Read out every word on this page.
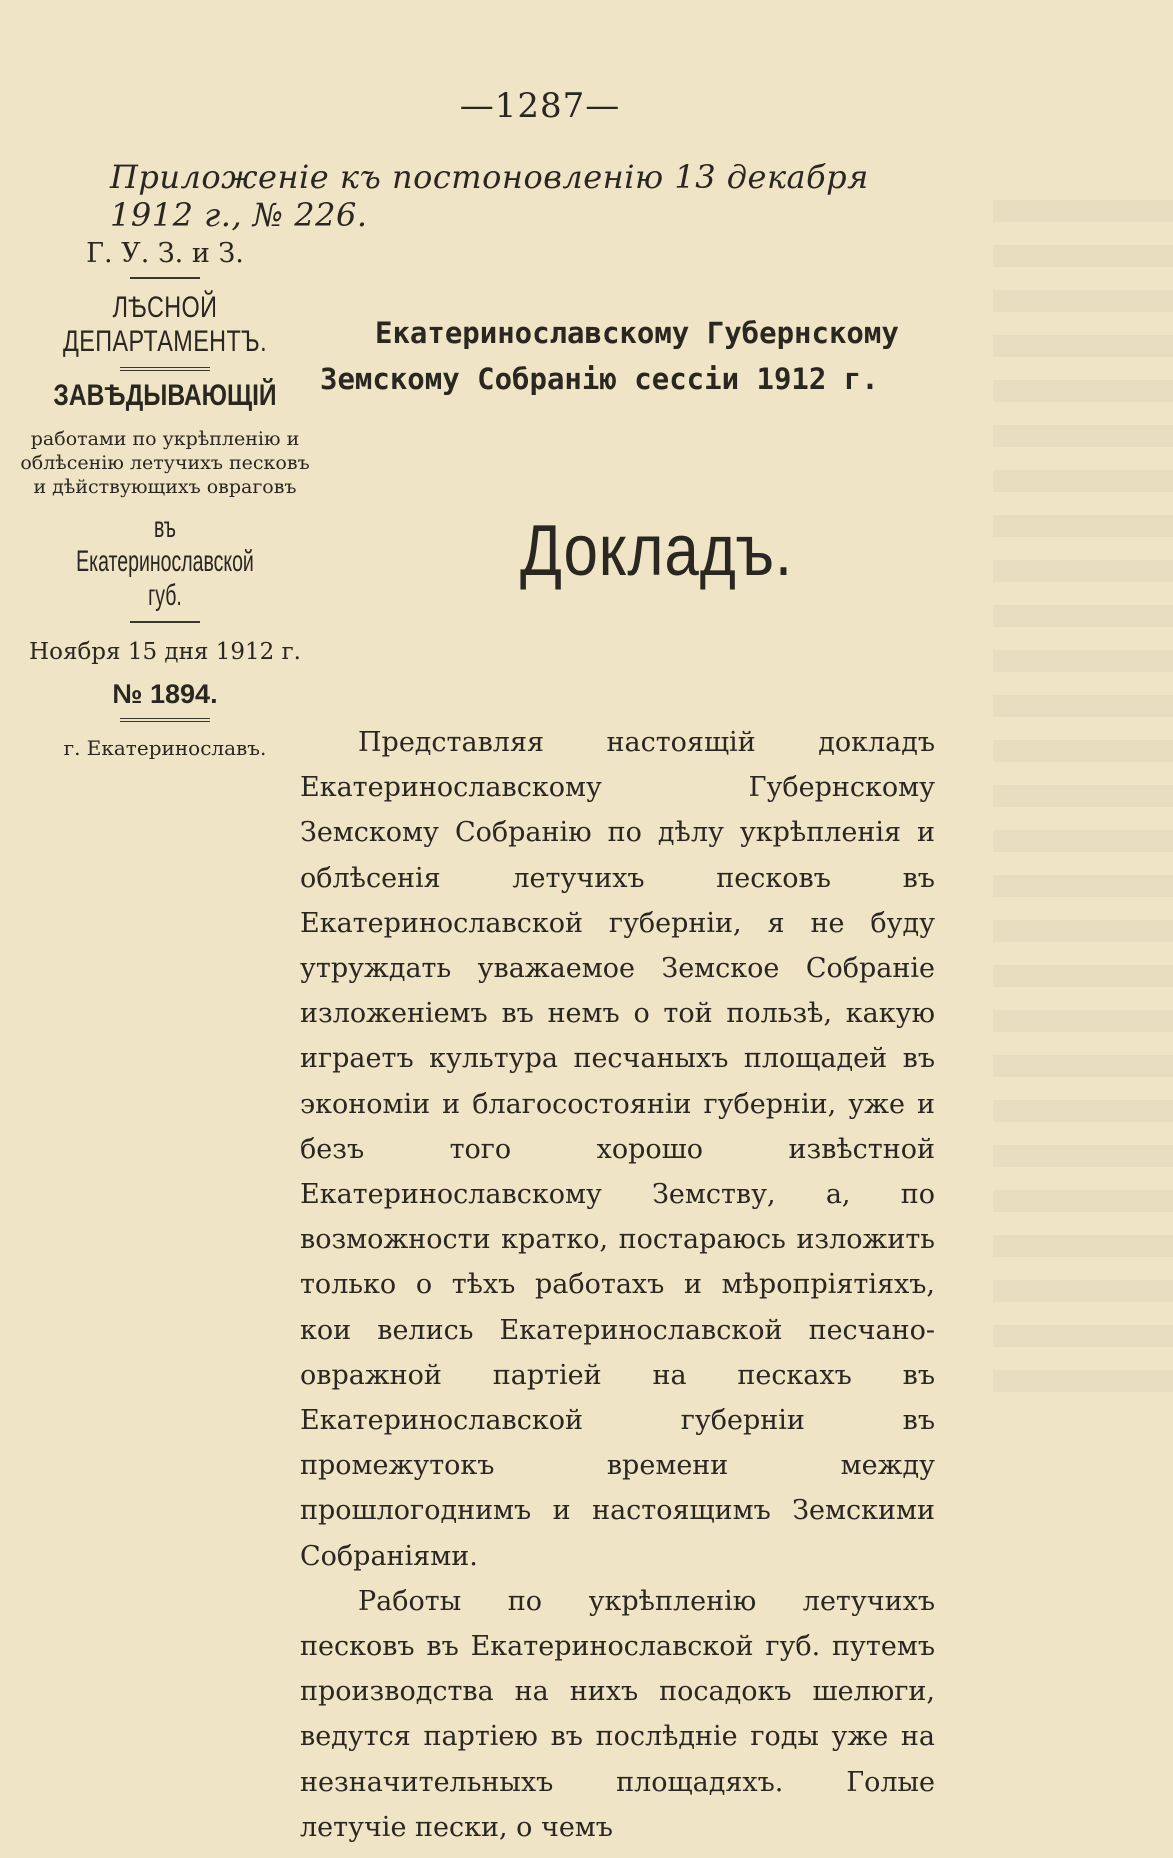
—1287—
Приложеніе къ постоновленію 13 декабря 1912 г., № 226.
Г. У. З. и З.
ЛѢСНОЙ ДЕПАРТАМЕНТЪ.
ЗАВѢДЫВАЮЩІЙ
работами по укрѣпленію и
облѣсенію летучихъ песковъ
и дѣйствующихъ овраговъ
въ Екатеринославской губ.
Ноября 15 дня 1912 г.
№ 1894.
г. Екатеринославъ.
Екатеринославскому Губернскому
Земскому Собранію сессіи 1912 г.
Докладъ.

Представляя настоящій докладъ Екатеринославскому Губернскому Земскому Собранію по дѣлу укрѣпленія и облѣсенія летучихъ песковъ въ Екатеринославской губерніи, я не буду утруждать уважаемое Земское Собраніе изложеніемъ въ немъ о той пользѣ, какую играетъ культура песчаныхъ площадей въ экономіи и благосостояніи губерніи, уже и безъ того хорошо извѣстной Екатеринославскому Земству, а, по возможности кратко, постараюсь изложить только о тѣхъ работахъ и мѣропріятіяхъ, кои велись Екатеринославской песчано-овражной партіей на пескахъ въ Екатеринославской губерніи въ промежутокъ времени между прошлогоднимъ и настоящимъ Земскими Собраніями.

Работы по укрѣпленію летучихъ песковъ въ Екатеринославской губ. путемъ производства на нихъ посадокъ шелюги, ведутся партіею въ послѣдніе годы уже на незначительныхъ площадяхъ. Голые летучіе пески, о чемъ
